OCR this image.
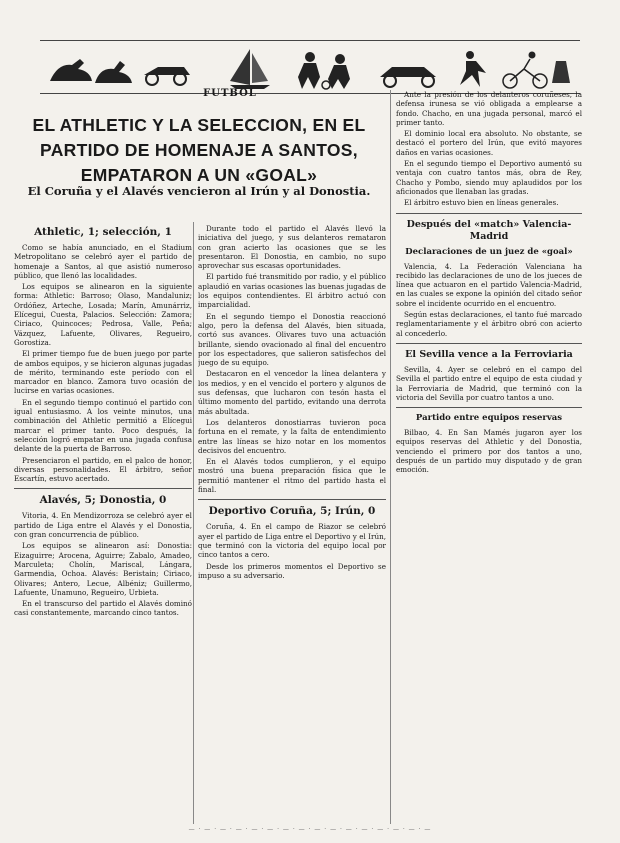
FUTBOL
EL ATHLETIC Y LA SELECCION, EN EL PARTIDO DE HOMENAJE A SANTOS, EMPATARON A UN «GOAL»
El Coruña y el Alavés vencieron al Irún y al Donostia.
Athletic, 1; selección, 1

Como se había anunciado, en el Stadium Metropolitano se celebró ayer el partido de homenaje a Santos, al que asistió numeroso público, que llenó las localidades.

Los equipos se alinearon en la siguiente forma: Athletic: Barroso; Olaso, Mandaluniz; Ordóñez, Arteche, Losada; Marín, Amunárriz, Elícegui, Cuesta, Palacios. Selección: Zamora; Ciriaco, Quincoces; Pedrosa, Valle, Peña; Vázquez, Lafuente, Olivares, Regueiro, Gorostiza.

El primer tiempo fue de buen juego por parte de ambos equipos, y se hicieron algunas jugadas de mérito, terminando este período con el marcador en blanco. Zamora tuvo ocasión de lucirse en varias ocasiones.

En el segundo tiempo continuó el partido con igual entusiasmo. A los veinte minutos, una combinación del Athletic permitió a Elícegui marcar el primer tanto. Poco después, la selección logró empatar en una jugada confusa delante de la puerta de Barroso.

Presenciaron el partido, en el palco de honor, diversas personalidades. El árbitro, señor Escartín, estuvo acertado.

Alavés, 5; Donostia, 0

Vitoria, 4. En Mendizorroza se celebró ayer el partido de Liga entre el Alavés y el Donostia, con gran concurrencia de público.

Los equipos se alinearon así: Donostia: Eizaguirre; Arocena, Aguirre; Zabalo, Amadeo, Marculeta; Cholín, Mariscal, Lángara, Garmendia, Ochoa. Alavés: Beristain; Ciriaco, Olivares; Antero, Lecue, Albéniz; Guillermo, Lafuente, Unamuno, Regueiro, Urbieta.

En el transcurso del partido el Alavés dominó casi constantemente, marcando cinco tantos.

Durante todo el partido el Alavés llevó la iniciativa del juego, y sus delanteros remataron con gran acierto las ocasiones que se les presentaron. El Donostia, en cambio, no supo aprovechar sus escasas oportunidades.

El partido fué transmitido por radio, y el público aplaudió en varias ocasiones las buenas jugadas de los equipos contendientes. El árbitro actuó con imparcialidad.

En el segundo tiempo el Donostia reaccionó algo, pero la defensa del Alavés, bien situada, cortó sus avances. Olivares tuvo una actuación brillante, siendo ovacionado al final del encuentro por los espectadores, que salieron satisfechos del juego de su equipo.

Destacaron en el vencedor la línea delantera y los medios, y en el vencido el portero y algunos de sus defensas, que lucharon con tesón hasta el último momento del partido, evitando una derrota más abultada.

Los delanteros donostiarras tuvieron poca fortuna en el remate, y la falta de entendimiento entre las líneas se hizo notar en los momentos decisivos del encuentro.

En el Alavés todos cumplieron, y el equipo mostró una buena preparación física que le permitió mantener el ritmo del partido hasta el final.

Deportivo Coruña, 5; Irún, 0

Coruña, 4. En el campo de Riazor se celebró ayer el partido de Liga entre el Deportivo y el Irún, que terminó con la victoria del equipo local por cinco tantos a cero.

Desde los primeros momentos el Deportivo se impuso a su adversario.

Ante la presión de los delanteros coruñeses, la defensa irunesa se vió obligada a emplearse a fondo. Chacho, en una jugada personal, marcó el primer tanto.

El dominio local era absoluto. No obstante, se destacó el portero del Irún, que evitó mayores daños en varias ocasiones.

En el segundo tiempo el Deportivo aumentó su ventaja con cuatro tantos más, obra de Rey, Chacho y Pombo, siendo muy aplaudidos por los aficionados que llenaban las gradas.

El árbitro estuvo bien en líneas generales.

Después del «match» Valencia-Madrid
Declaraciones de un juez de «goal»

Valencia, 4. La Federación Valenciana ha recibido las declaraciones de uno de los jueces de línea que actuaron en el partido Valencia-Madrid, en las cuales se expone la opinión del citado señor sobre el incidente ocurrido en el encuentro.

Según estas declaraciones, el tanto fué marcado reglamentariamente y el árbitro obró con acierto al concederlo.

El Sevilla vence a la Ferroviaria

Sevilla, 4. Ayer se celebró en el campo del Sevilla el partido entre el equipo de esta ciudad y la Ferroviaria de Madrid, que terminó con la victoria del Sevilla por cuatro tantos a uno.

Partido entre equipos reservas

Bilbao, 4. En San Mamés jugaron ayer los equipos reservas del Athletic y del Donostia, venciendo el primero por dos tantos a uno, después de un partido muy disputado y de gran emoción.

— · — · — · — · — · — · — · — · — · — · — · — · — · — · — · —
